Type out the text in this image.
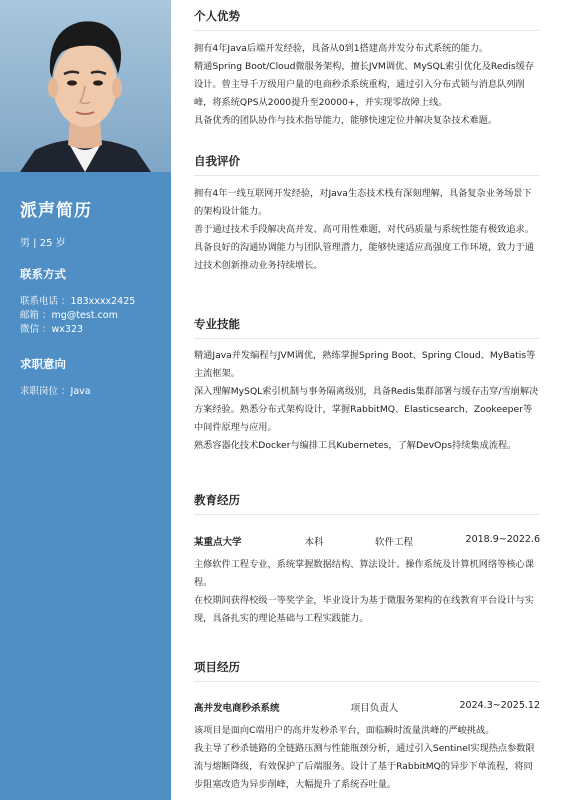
派声简历
男 | 25 岁
联系方式
联系电话 ：183xxxx2425
邮箱 ：mg@test.com
微信 ：wx323
求职意向
求职岗位 ：Java
个人优势

拥有4年Java后端开发经验，具备从0到1搭建高并发分布式系统的能力。

精通Spring Boot/Cloud微服务架构，擅长JVM调优、MySQL索引优化及Redis缓存设计。曾主导千万级用户量的电商秒杀系统重构，通过引入分布式锁与消息队列削峰，将系统QPS从2000提升至20000+，并实现零故障上线。

具备优秀的团队协作与技术指导能力，能够快速定位并解决复杂技术难题。

自我评价

拥有4年一线互联网开发经验，对Java生态技术栈有深刻理解，具备复杂业务场景下的架构设计能力。

善于通过技术手段解决高并发、高可用性难题，对代码质量与系统性能有极致追求。

具备良好的沟通协调能力与团队管理潜力，能够快速适应高强度工作环境，致力于通过技术创新推动业务持续增长。

专业技能

精通Java并发编程与JVM调优，熟练掌握Spring Boot、Spring Cloud、MyBatis等主流框架。

深入理解MySQL索引机制与事务隔离级别，具备Redis集群部署与缓存击穿/雪崩解决方案经验。熟悉分布式架构设计，掌握RabbitMQ、Elasticsearch、Zookeeper等中间件原理与应用。

熟悉容器化技术Docker与编排工具Kubernetes，了解DevOps持续集成流程。

教育经历
某重点大学	本科	软件工程	2018.9~2022.6

主修软件工程专业，系统掌握数据结构、算法设计、操作系统及计算机网络等核心课程。

在校期间获得校级一等奖学金，毕业设计为基于微服务架构的在线教育平台设计与实现，具备扎实的理论基础与工程实践能力。

项目经历
高并发电商秒杀系统	项目负责人	2024.3~2025.12

该项目是面向C端用户的高并发秒杀平台，面临瞬时流量洪峰的严峻挑战。

我主导了秒杀链路的全链路压测与性能瓶颈分析，通过引入Sentinel实现热点参数限流与熔断降级，有效保护了后端服务。设计了基于RabbitMQ的异步下单流程，将同步阻塞改造为异步削峰，大幅提升了系统吞吐量。
